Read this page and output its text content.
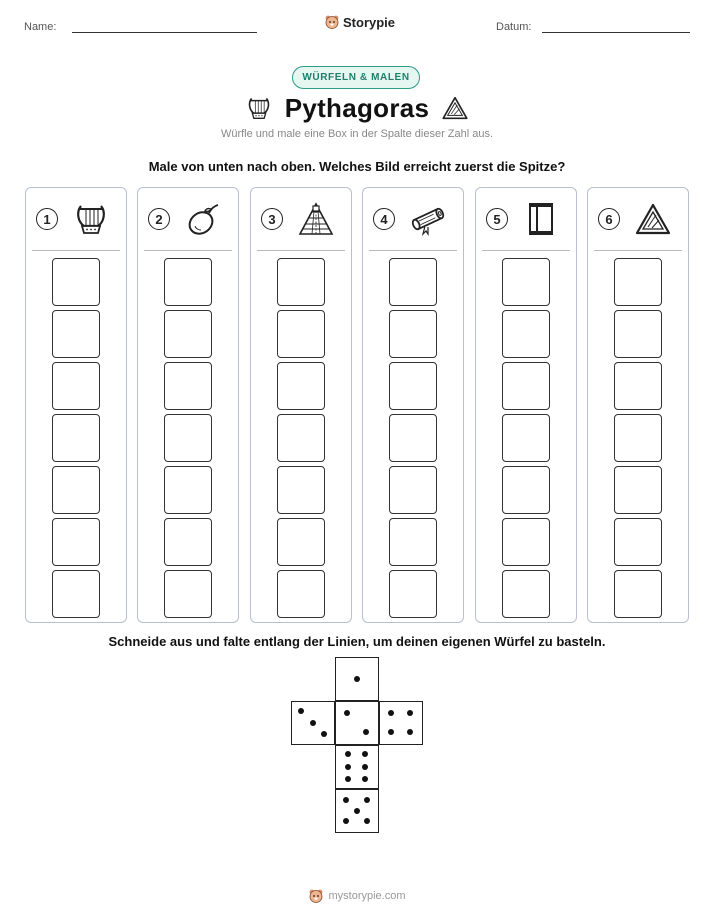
Name:	Storypie	Datum:
WÜRFELN & MALEN
Pythagoras
Würfle und male eine Box in der Spalte dieser Zahl aus.
Male von unten nach oben. Welches Bild erreicht zuerst die Spitze?
1	2	3	4	5	6
Schneide aus und falte entlang der Linien, um deinen eigenen Würfel zu basteln.
mystorypie.com
